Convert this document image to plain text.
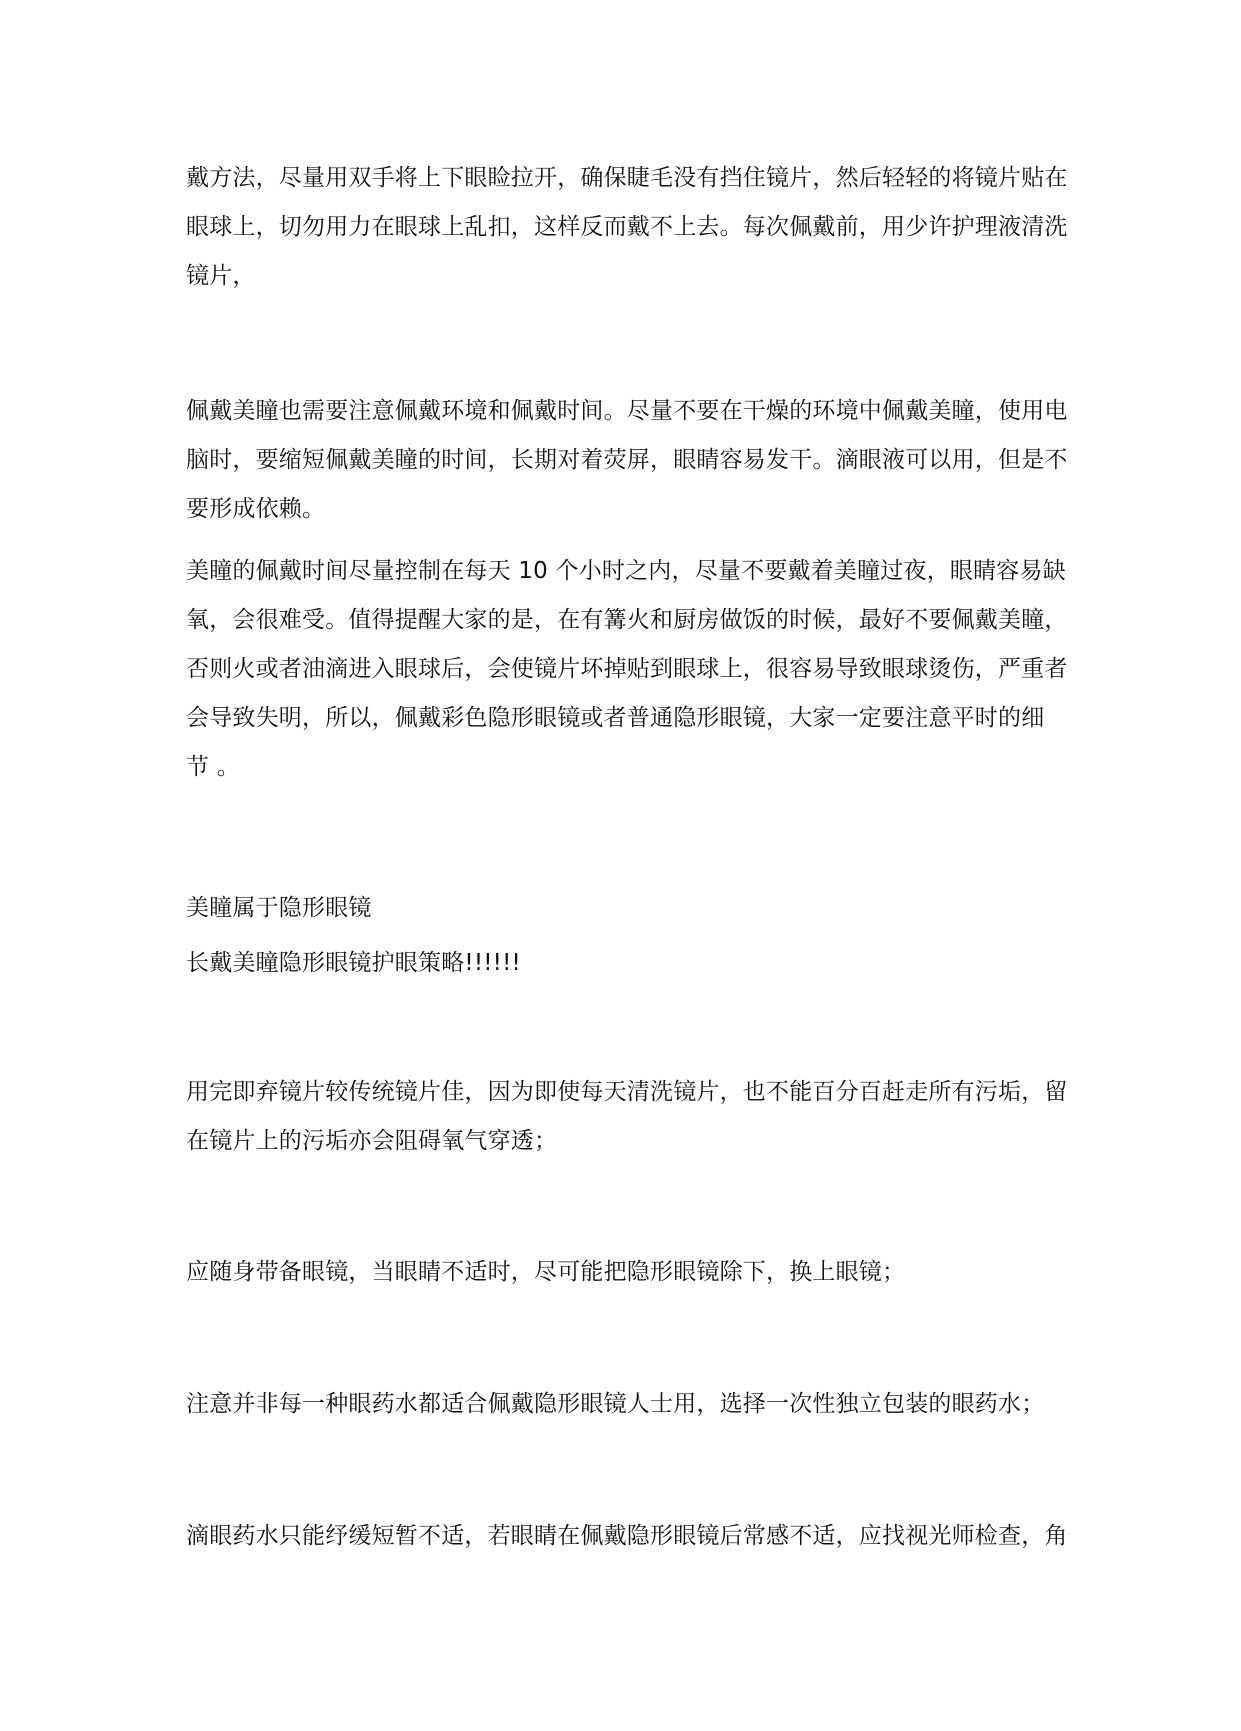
戴方法，尽量用双手将上下眼睑拉开，确保睫毛没有挡住镜片，然后轻轻的将镜片贴在
眼球上，切勿用力在眼球上乱扣，这样反而戴不上去。每次佩戴前，用少许护理液清洗
镜片，

佩戴美瞳也需要注意佩戴环境和佩戴时间。尽量不要在干燥的环境中佩戴美瞳，使用电
脑时，要缩短佩戴美瞳的时间，长期对着荧屏，眼睛容易发干。滴眼液可以用，但是不
要形成依赖。

美瞳的佩戴时间尽量控制在每天 10 个小时之内，尽量不要戴着美瞳过夜，眼睛容易缺
氧，会很难受。值得提醒大家的是，在有篝火和厨房做饭的时候，最好不要佩戴美瞳，
否则火或者油滴进入眼球后，会使镜片坏掉贴到眼球上，很容易导致眼球烫伤，严重者
会导致失明，所以，佩戴彩色隐形眼镜或者普通隐形眼镜，大家一定要注意平时的细
节 。

美瞳属于隐形眼镜

长戴美瞳隐形眼镜护眼策略!!!!!!

用完即弃镜片较传统镜片佳，因为即使每天清洗镜片，也不能百分百赶走所有污垢，留
在镜片上的污垢亦会阻碍氧气穿透；

应随身带备眼镜，当眼睛不适时，尽可能把隐形眼镜除下，换上眼镜；

注意并非每一种眼药水都适合佩戴隐形眼镜人士用，选择一次性独立包装的眼药水；

滴眼药水只能纾缓短暂不适，若眼睛在佩戴隐形眼镜后常感不适，应找视光师检查，角
